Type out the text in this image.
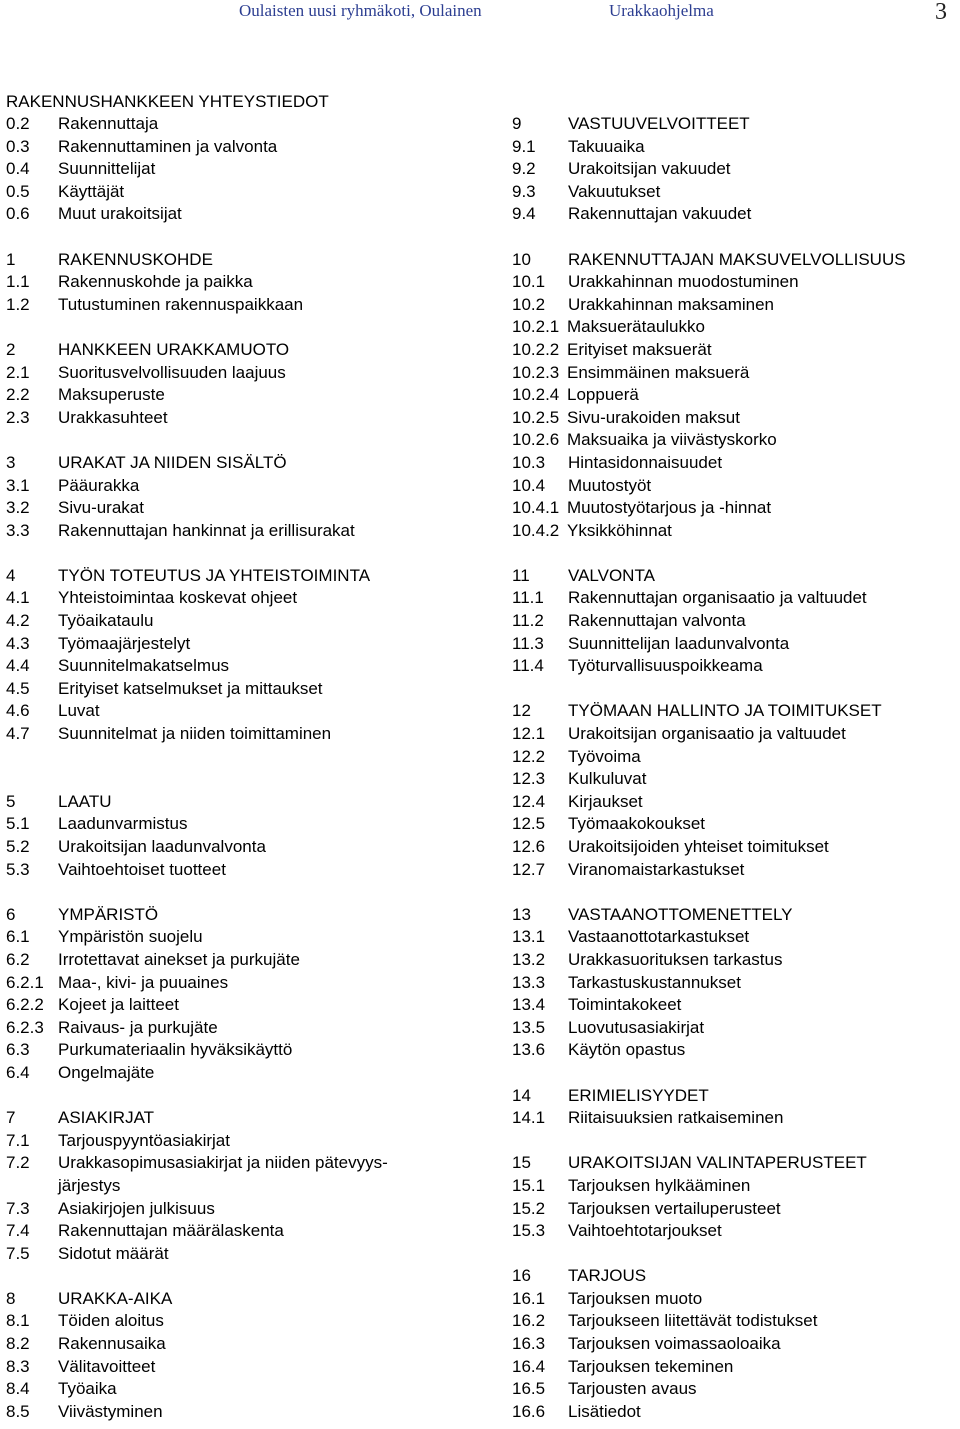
Oulaisten uusi ryhmäkoti, Oulainen	Urakkaohjelma	3
RAKENNUSHANKKEEN YHTEYSTIEDOT
0.2	Rakennuttaja
0.3	Rakennuttaminen ja valvonta
0.4	Suunnittelijat
0.5	Käyttäjät
0.6	Muut urakoitsijat
1	RAKENNUSKOHDE
1.1	Rakennuskohde ja paikka
1.2	Tutustuminen rakennuspaikkaan
2	HANKKEEN URAKKAMUOTO
2.1	Suoritusvelvollisuuden laajuus
2.2	Maksuperuste
2.3	Urakkasuhteet
3	URAKAT JA NIIDEN SISÄLTÖ
3.1	Pääurakka
3.2	Sivu-urakat
3.3	Rakennuttajan hankinnat ja erillisurakat
4	TYÖN TOTEUTUS JA YHTEISTOIMINTA
4.1	Yhteistoimintaa koskevat ohjeet
4.2	Työaikataulu
4.3	Työmaajärjestelyt
4.4	Suunnitelmakatselmus
4.5	Erityiset katselmukset ja mittaukset
4.6	Luvat
4.7	Suunnitelmat ja niiden toimittaminen
5	LAATU
5.1	Laadunvarmistus
5.2	Urakoitsijan laadunvalvonta
5.3	Vaihtoehtoiset tuotteet
6	YMPÄRISTÖ
6.1	Ympäristön suojelu
6.2	Irrotettavat ainekset ja purkujäte
6.2.1 Maa-, kivi- ja puuaines
6.2.2 Kojeet ja laitteet
6.2.3 Raivaus- ja purkujäte
6.3	Purkumateriaalin hyväksikäyttö
6.4	Ongelmajäte
7	ASIAKIRJAT
7.1	Tarjouspyyntöasiakirjat
7.2	Urakkasopimusasiakirjat ja niiden pätevyys-
järjestys
7.3	Asiakirjojen julkisuus
7.4	Rakennuttajan määrälaskenta
7.5	Sidotut määrät
8	URAKKA-AIKA
8.1	Töiden aloitus
8.2	Rakennusaika
8.3	Välitavoitteet
8.4	Työaika
8.5	Viivästyminen
9	VASTUUVELVOITTEET
9.1	Takuuaika
9.2	Urakoitsijan vakuudet
9.3	Vakuutukset
9.4	Rakennuttajan vakuudet
10	RAKENNUTTAJAN MAKSUVELVOLLISUUS
10.1	Urakkahinnan muodostuminen
10.2	Urakkahinnan maksaminen
10.2.1 Maksuerätaulukko
10.2.2 Erityiset maksuerät
10.2.3 Ensimmäinen maksuerä
10.2.4 Loppuerä
10.2.5 Sivu-urakoiden maksut
10.2.6 Maksuaika ja viivästyskorko
10.3	Hintasidonnaisuudet
10.4	Muutostyöt
10.4.1 Muutostyötarjous ja -hinnat
10.4.2 Yksikköhinnat
11	VALVONTA
11.1	Rakennuttajan organisaatio ja valtuudet
11.2	Rakennuttajan valvonta
11.3	Suunnittelijan laadunvalvonta
11.4	Työturvallisuuspoikkeama
12	TYÖMAAN HALLINTO JA TOIMITUKSET
12.1	Urakoitsijan organisaatio ja valtuudet
12.2	Työvoima
12.3	Kulkuluvat
12.4	Kirjaukset
12.5	Työmaakokoukset
12.6	Urakoitsijoiden yhteiset toimitukset
12.7	Viranomaistarkastukset
13	VASTAANOTTOMENETTELY
13.1	Vastaanottotarkastukset
13.2	Urakkasuorituksen tarkastus
13.3	Tarkastuskustannukset
13.4	Toimintakokeet
13.5	Luovutusasiakirjat
13.6	Käytön opastus
14	ERIMIELISYYDET
14.1	Riitaisuuksien ratkaiseminen
15	URAKOITSIJAN VALINTAPERUSTEET
15.1	Tarjouksen hylkääminen
15.2	Tarjouksen vertailuperusteet
15.3	Vaihtoehtotarjoukset
16	TARJOUS
16.1	Tarjouksen muoto
16.2	Tarjoukseen liitettävät todistukset
16.3	Tarjouksen voimassaoloaika
16.4	Tarjouksen tekeminen
16.5	Tarjousten avaus
16.6	Lisätiedot
